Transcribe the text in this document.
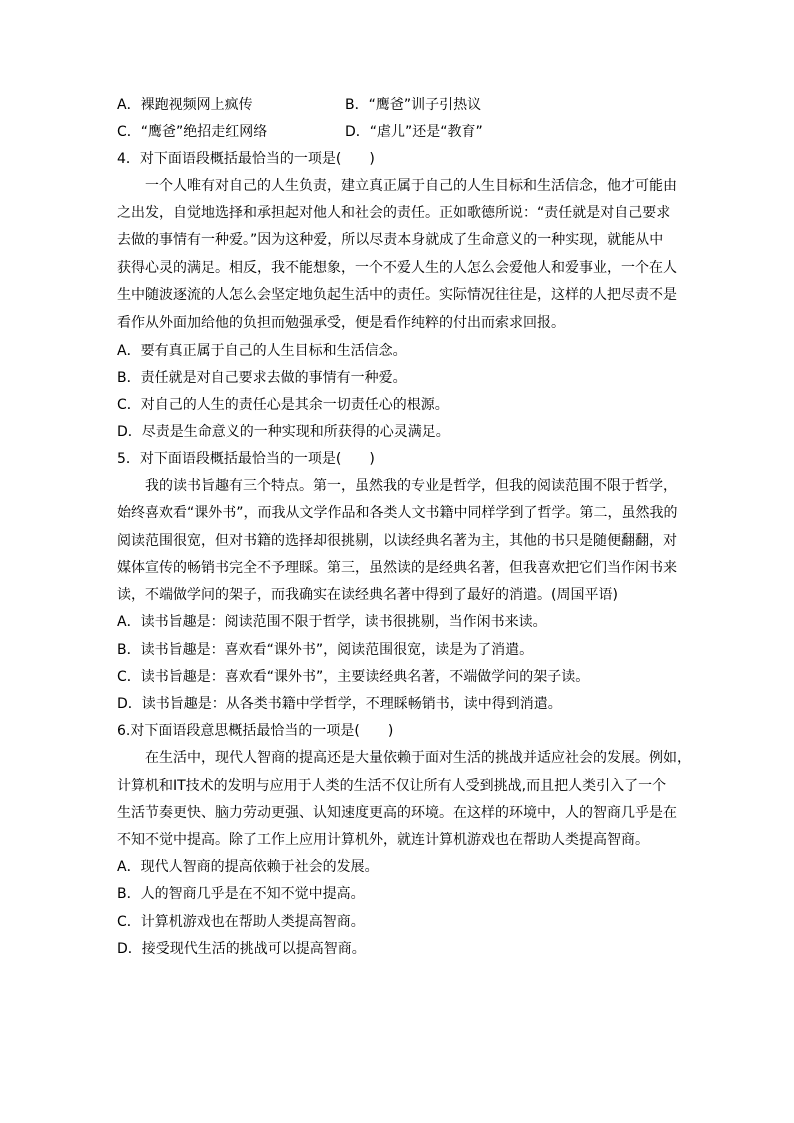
A．裸跑视频网上疯传	B．“鹰爸”训子引热议
C．“鹰爸”绝招走红网络	D．“虐儿”还是“教育”
4．对下面语段概括最恰当的一项是(　　)
一个人唯有对自己的人生负责，建立真正属于自己的人生目标和生活信念，他才可能由
之出发，自觉地选择和承担起对他人和社会的责任。正如歌德所说：“责任就是对自己要求
去做的事情有一种爱。”因为这种爱，所以尽责本身就成了生命意义的一种实现，就能从中
获得心灵的满足。相反，我不能想象，一个不爱人生的人怎么会爱他人和爱事业，一个在人
生中随波逐流的人怎么会坚定地负起生活中的责任。实际情况往往是，这样的人把尽责不是
看作从外面加给他的负担而勉强承受，便是看作纯粹的付出而索求回报。
A．要有真正属于自己的人生目标和生活信念。
B．责任就是对自己要求去做的事情有一种爱。
C．对自己的人生的责任心是其余一切责任心的根源。
D．尽责是生命意义的一种实现和所获得的心灵满足。
5．对下面语段概括最恰当的一项是(　　)
我的读书旨趣有三个特点。第一，虽然我的专业是哲学，但我的阅读范围不限于哲学，
始终喜欢看“课外书”，而我从文学作品和各类人文书籍中同样学到了哲学。第二，虽然我的
阅读范围很宽，但对书籍的选择却很挑剔，以读经典名著为主，其他的书只是随便翻翻，对
媒体宣传的畅销书完全不予理睬。第三，虽然读的是经典名著，但我喜欢把它们当作闲书来
读，不端做学问的架子，而我确实在读经典名著中得到了最好的消遣。(周国平语)
A．读书旨趣是：阅读范围不限于哲学，读书很挑剔，当作闲书来读。
B．读书旨趣是：喜欢看“课外书”，阅读范围很宽，读是为了消遣。
C．读书旨趣是：喜欢看“课外书”，主要读经典名著，不端做学问的架子读。
D．读书旨趣是：从各类书籍中学哲学，不理睬畅销书，读中得到消遣。
6.对下面语段意思概括最恰当的一项是(　　)
在生活中，现代人智商的提高还是大量依赖于面对生活的挑战并适应社会的发展。例如，
计算机和IT技术的发明与应用于人类的生活不仅让所有人受到挑战,而且把人类引入了一个
生活节奏更快、脑力劳动更强、认知速度更高的环境。在这样的环境中，人的智商几乎是在
不知不觉中提高。除了工作上应用计算机外，就连计算机游戏也在帮助人类提高智商。
A．现代人智商的提高依赖于社会的发展。
B．人的智商几乎是在不知不觉中提高。
C．计算机游戏也在帮助人类提高智商。
D．接受现代生活的挑战可以提高智商。
